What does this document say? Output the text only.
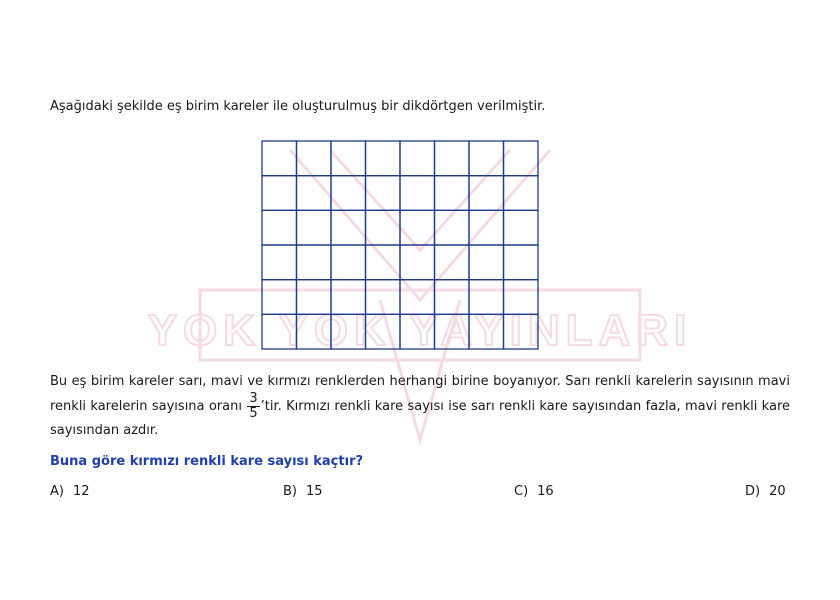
YOK YOK YAYINLARI
Aşağıdaki şekilde eş birim kareler ile oluşturulmuş bir dikdörtgen verilmiştir.
Bu eş birim kareler sarı, mavi ve kırmızı renklerden herhangi birine boyanıyor. Sarı renkli karelerin sayısının mavi renkli karelerin sayısına oranı $\frac{3}{5}$ ’tir. Kırmızı renkli kare sayısı ise sarı renkli kare sayısından fazla, mavi renkli kare sayısından azdır.
Buna göre kırmızı renkli kare sayısı kaçtır?
A) 12	B) 15	C) 16	D) 20
